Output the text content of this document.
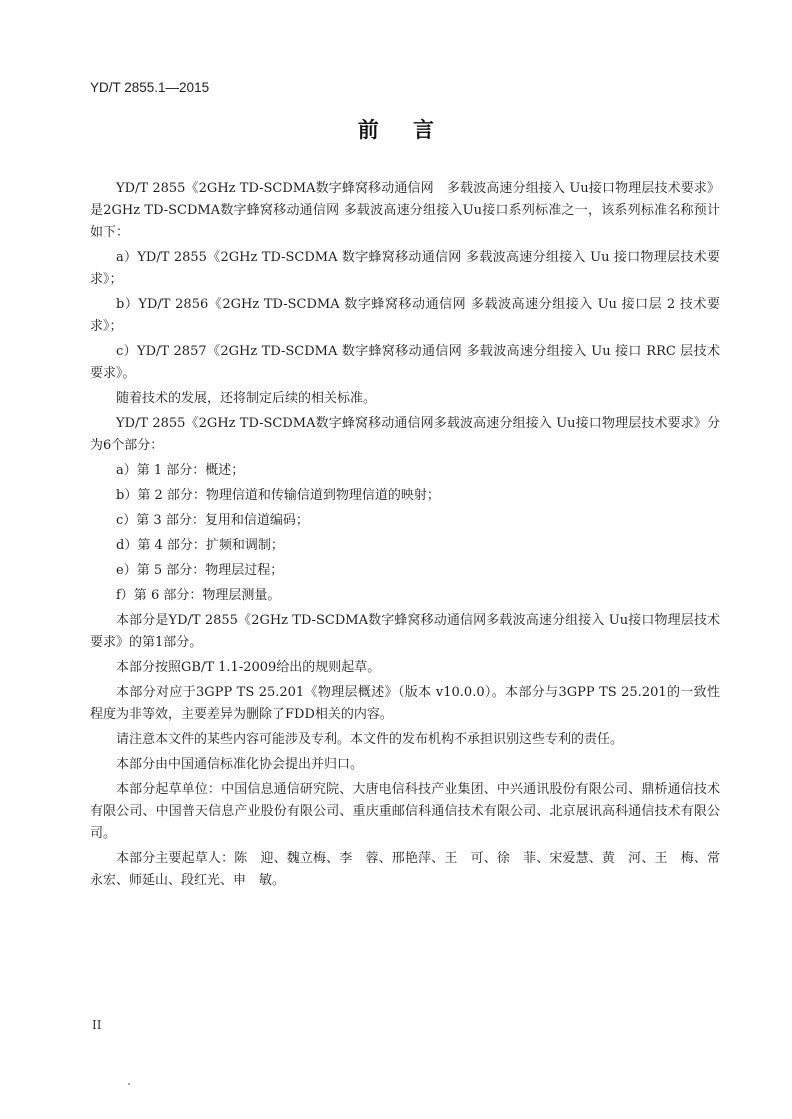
YD/T 2855.1—2015
前 言

YD/T 2855《2GHz TD-SCDMA数字蜂窝移动通信网　多载波高速分组接入 Uu接口物理层技术要求》是2GHz TD-SCDMA数字蜂窝移动通信网 多载波高速分组接入Uu接口系列标准之一，该系列标准名称预计如下：

a）YD/T 2855《2GHz TD-SCDMA 数字蜂窝移动通信网 多载波高速分组接入 Uu 接口物理层技术要求》；

b）YD/T 2856《2GHz TD-SCDMA 数字蜂窝移动通信网 多载波高速分组接入 Uu 接口层 2 技术要求》；

c）YD/T 2857《2GHz TD-SCDMA 数字蜂窝移动通信网 多载波高速分组接入 Uu 接口 RRC 层技术要求》。

随着技术的发展，还将制定后续的相关标准。

YD/T 2855《2GHz TD-SCDMA数字蜂窝移动通信网多载波高速分组接入 Uu接口物理层技术要求》分为6个部分：

a）第 1 部分：概述；

b）第 2 部分：物理信道和传输信道到物理信道的映射；

c）第 3 部分：复用和信道编码；

d）第 4 部分：扩频和调制；

e）第 5 部分：物理层过程；

f）第 6 部分：物理层测量。

本部分是YD/T 2855《2GHz TD-SCDMA数字蜂窝移动通信网多载波高速分组接入 Uu接口物理层技术要求》的第1部分。

本部分按照GB/T 1.1-2009给出的规则起草。

本部分对应于3GPP TS 25.201《物理层概述》（版本 v10.0.0）。本部分与3GPP TS 25.201的一致性程度为非等效，主要差异为删除了FDD相关的内容。

请注意本文件的某些内容可能涉及专利。本文件的发布机构不承担识别这些专利的责任。

本部分由中国通信标准化协会提出并归口。

本部分起草单位：中国信息通信研究院、大唐电信科技产业集团、中兴通讯股份有限公司、鼎桥通信技术有限公司、中国普天信息产业股份有限公司、重庆重邮信科通信技术有限公司、北京展讯高科通信技术有限公司。

本部分主要起草人：陈　迎、魏立梅、李　蓉、邢艳萍、王　可、徐　菲、宋爱慧、黄　河、王　梅、常永宏、师延山、段红光、申　敏。

II
